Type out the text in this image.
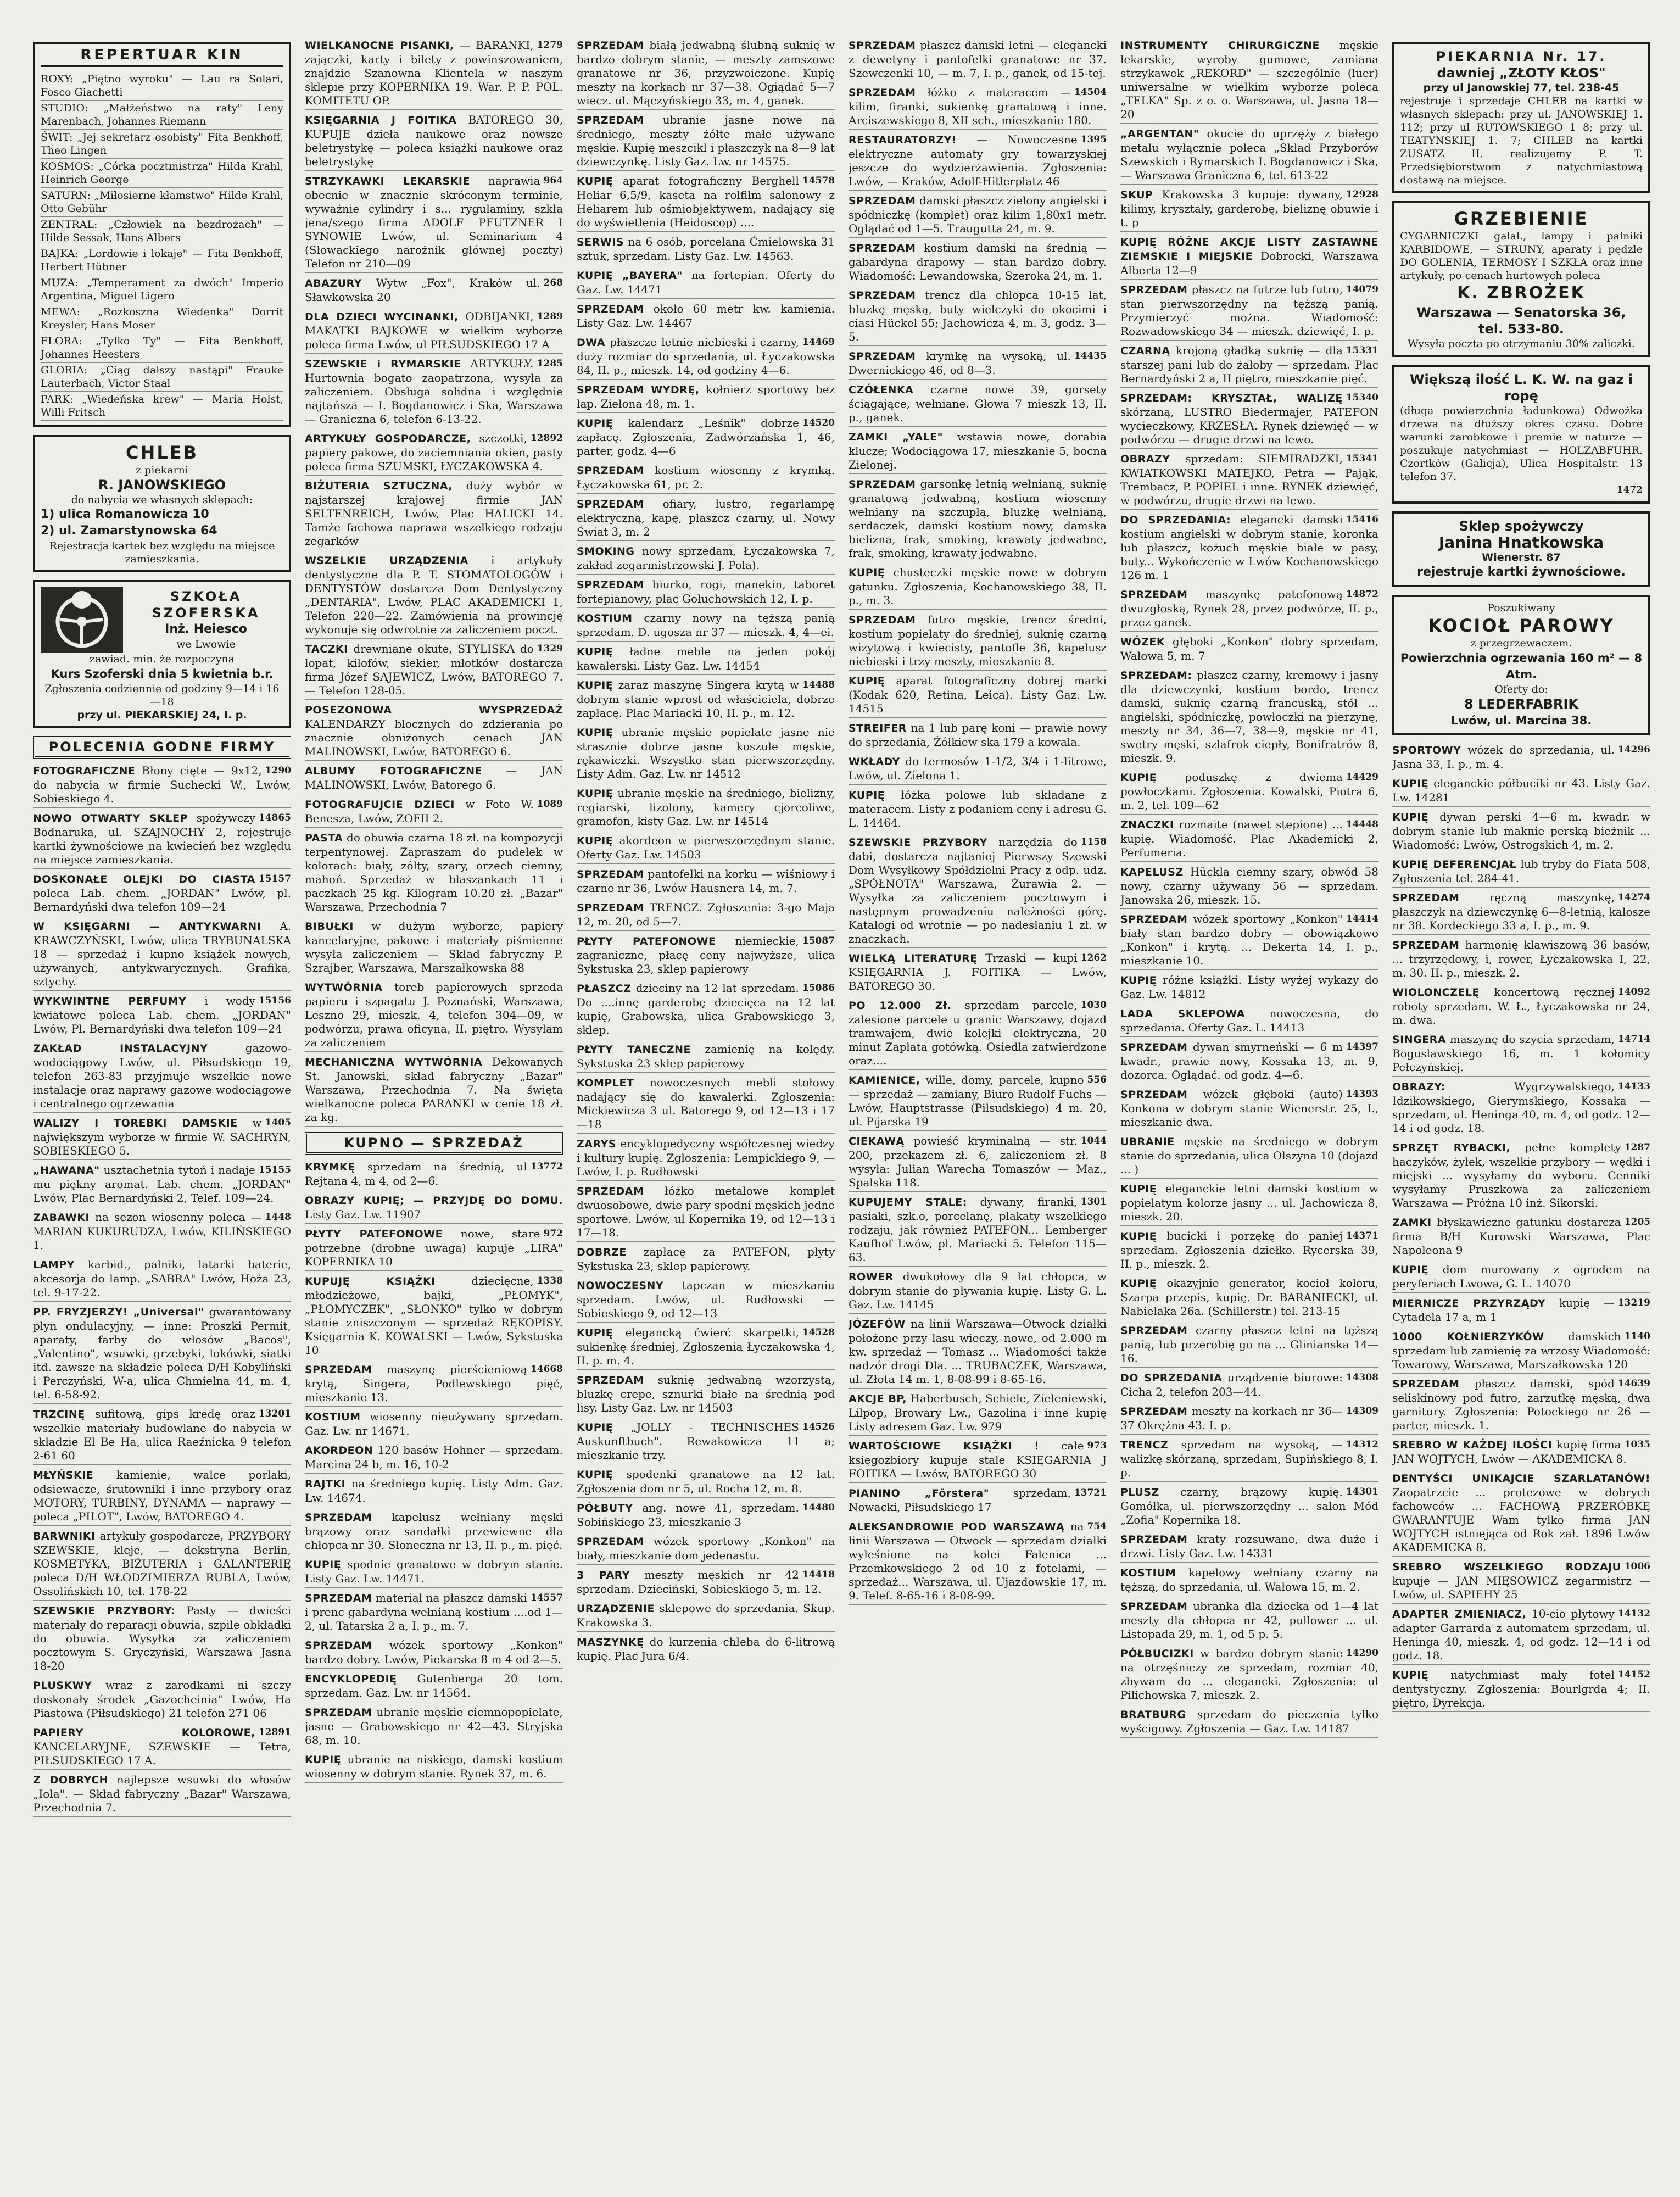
REPERTUAR KIN
ROXY: „Piętno wyroku" — Lau ra Solari, Fosco Giachetti
STUDIO: „Małżeństwo na raty" Leny Marenbach, Johannes Riemann
ŚWIT: „Jej sekretarz osobisty" Fita Benkhoff, Theo Lingen
KOSMOS: „Córka pocztmistrza" Hilda Krahl, Heinrich George
SATURN: „Miłosierne kłamstwo" Hilde Krahl, Otto Gebühr
ZENTRAL: „Człowiek na bezdrożach" — Hilde Sessak, Hans Albers
BAJKA: „Lordowie i lokaje" — Fita Benkhoff, Herbert Hübner
MUZA: „Temperament za dwóch" Imperio Argentina, Miguel Ligero
MEWA: „Rozkoszna Wiedenka" Dorrit Kreysler, Hans Moser
FLORA: „Tylko Ty" — Fita Benkhoff, Johannes Heesters
GLORIA: „Ciąg dalszy nastąpi" Frauke Lauterbach, Victor Staal
PARK: „Wiedeńska krew" — Maria Holst, Willi Fritsch
CHLEB
z piekarni
R. JANOWSKIEGO
do nabycia we własnych sklepach:
1) ulica Romanowicza 10
2) ul. Zamarstynowska 64
Rejestracja kartek bez względu na miejsce zamieszkania.
SZKOŁA SZOFERSKA
Inż. Heiesco
we Lwowie
zawiad. min. że rozpoczyna
Kurs Szoferski dnia 5 kwietnia b.r.
Zgłoszenia codziennie od godziny 9—14 i 16—18
przy ul. PIEKARSKIEJ 24, I. p.
POLECENIA GODNE FIRMY
1290
FOTOGRAFICZNE Błony cięte — 9x12, do nabycia w firmie Suchecki W., Lwów, Sobieskiego 4.
14865
NOWO OTWARTY SKLEP spożywczy Bodnaruka, ul. SZAJNOCHY 2, rejestruje kartki żywnościowe na kwiecień bez względu na miejsce zamieszkania.
15157
DOSKONAŁE OLEJKI DO CIASTA poleca Lab. chem. „JORDAN" Lwów, pl. Bernardyński dwa telefon 109—24
W KSIĘGARNI — ANTYKWARNI A. KRAWCZYŃSKI, Lwów, ulica TRYBUNALSKA 18 — sprzedaż i kupno książek nowych, używanych, antykwarycznych. Grafika, sztychy.
15156
WYKWINTNE PERFUMY i wody kwiatowe poleca Lab. chem. „JORDAN" Lwów, Pl. Bernardyński dwa telefon 109—24
ZAKŁAD INSTALACYJNY	gazowo-wodociągowy Lwów, ul. Piłsudskiego 19, telefon 263-83 przyjmuje wszelkie nowe instalacje oraz naprawy gazowe wodociągowe i centralnego ogrzewania
1405
WALIZY I TOREBKI DAMSKIE w największym wyborze w firmie W. SACHRYN, SOBIESKIEGO 5.
15155
„HAWANA" usztachetnia tytoń i nadaje mu piękny aromat. Lab. chem. „JORDAN" Lwów, Plac Bernardyński 2, Telef. 109—24.
1448
ZABAWKI na sezon wiosenny poleca — MARIAN KUKURUDZA, Lwów, KILIŃSKIEGO 1.
LAMPY karbid., palniki, latarki baterie, akcesorja do lamp. „SABRA" Lwów, Hoża 23, tel. 9-17-22.
PP. FRYZJERZY! „Universal" gwarantowany płyn ondulacyjny, — inne: Proszki Permit, aparaty, farby do włosów „Bacos", „Valentino", wsuwki, grzebyki, lokówki, siatki itd. zawsze na składzie poleca D/H Kobyliński i Perczyński, W-a, ulica Chmielna 44, m. 4, tel. 6-58-92.
13201
TRZCINĘ sufitową, gips kredę oraz wszelkie materiały budowlane do nabycia w składzie El Be Ha, ulica Raeźnicka 9 telefon 2-61 60
MŁYŃSKIE kamienie, walce porlaki, odsiewacze, śrutowniki i inne przybory oraz MOTORY, TURBINY, DYNAMA — naprawy — poleca „PILOT", Lwów, BATOREGO 4.
BARWNIKI artykuły gospodarcze, PRZYBORY SZEWSKIE, kleje, — dekstryna Berlin, KOSMETYKA, BIŻUTERIA i GALANTERIĘ poleca D/H WŁODZIMIERZA RUBLA, Lwów, Ossolińskich 10, tel. 178-22
SZEWSKIE PRZYBORY: Pasty — dwieści materiały do reparacji obuwia, szpile obkładki do obuwia. Wysyłka za zaliczeniem pocztowym S. Gryczyński, Warszawa Jasna 18-20
PLUSKWY wraz z zarodkami ni szczy doskonały środek „Gazocheinia" Lwów, Ha Piastowa (Piłsudskiego) 21 telefon 271 06
12891
PAPIERY KOLOROWE, KANCELARYJNE, SZEWSKIE — Tetra, PIŁSUDSKIEGO 17 A.
Z DOBRYCH najlepsze wsuwki do włosów „Iola". — Skład fabryczny „Bazar" Warszawa, Przechodnia 7.
1279
WIELKANOCNE PISANKI, — BARANKI, zajączki, karty i bilety z powinszowaniem, znajdzie Szanowna Klientela w naszym sklepie przy KOPERNIKA 19. War. P. P. POL. KOMITETU OP.
KSIĘGARNIA J FOITIKA BATOREGO 30, KUPUJE dzieła naukowe oraz nowsze beletrystykę — poleca książki naukowe oraz beletrystykę
964
STRZYKAWKI LEKARSKIE naprawia obecnie w znacznie skróconym terminie, wyważnie cylindry i s... rygulaminy, szkła jena/szego firma ADOLF PFUTZNER I SYNOWIE Lwów, ul. Seminarium 4 (Słowackiego narożnik głównej poczty) Telefon nr 210—09
268
ABAZURY Wytw „Fox", Kraków ul. Sławkowska 20
1289
DLA DZIECI WYCINANKI, ODBIJANKI, MAKATKI BAJKOWE w wielkim wyborze poleca firma Lwów, ul PIŁSUDSKIEGO 17 A
1285
SZEWSKIE i RYMARSKIE ARTYKUŁY. Hurtownia bogato zaopatrzona, wysyła za zaliczeniem. Obsługa solidna i względnie najtańsza — I. Bogdanowicz i Ska, Warszawa — Graniczna 6, telefon 6-13-22.
12892
ARTYKUŁY GOSPODARCZE, szczotki, papiery pakowe, do zaciemniania okien, pasty poleca firma SZUMSKI, ŁYCZAKOWSKA 4.
BIŻUTERIA SZTUCZNA, duży wybór w najstarszej krajowej firmie JAN SELTENREICH, Lwów, Plac HALICKI 14. Tamże fachowa naprawa wszelkiego rodzaju zegarków
WSZELKIE URZĄDZENIA i artykuły dentystyczne dla P. T. STOMATOLOGÓW i DENTYSTÓW dostarcza Dom Dentystyczny „DENTARIA", Lwów, PLAC AKADEMICKI 1, Telefon 220—22. Zamówienia na prowincję wykonuje się odwrotnie za zaliczeniem poczt.
1329
TACZKI drewniane okute, STYLISKA do łopat, kilofów, siekier, młotków dostarcza firma Józef SAJEWICZ, Lwów, BATOREGO 7. — Telefon 128-05.
POSEZONOWA WYSPRZEDAŻ KALENDARZY blocznych do zdzierania po znacznie obniżonych cenach JAN MALINOWSKI, Lwów, BATOREGO 6.
ALBUMY FOTOGRAFICZNE — JAN MALINOWSKI, Lwów, Batorego 6.
1089
FOTOGRAFUJCIE DZIECI w Foto W. Benesza, Lwów, ZOFII 2.
PASTA do obuwia czarna 18 zł. na kompozycji terpentynowej. Zapraszam do pudełek w kolorach: biały, zółty, szary, orzech ciemny, mahoń. Sprzedaż w blaszankach 11 i paczkach 25 kg. Kilogram 10.20 zł. „Bazar" Warszawa, Przechodnia 7
BIBUŁKI w dużym wyborze, papiery kancelaryjne, pakowe i materiały piśmienne wysyła zaliczeniem — Skład fabryczny P. Szrajber, Warszawa, Marszałkowska 88
WYTWÓRNIA toreb papierowych sprzeda papieru i szpagatu J. Poznański, Warszawa, Leszno 29, mieszk. 4, telefon 304—09, w podwórzu, prawa oficyna, II. piętro. Wysyłam za zaliczeniem
MECHANICZNA WYTWÓRNIA Dekowanych St. Janowski, skład fabryczny „Bazar" Warszawa, Przechodnia 7. Na święta wielkanocne poleca PARANKI w cenie 18 zł. za kg.
KUPNO — SPRZEDAŻ
13772
KRYMKĘ sprzedam na średnią, ul Rejtana 4, m 4, od 2—6.
OBRAZY KUPIĘ; — PRZYJDĘ DO DOMU. Listy Gaz. Lw. 11907
972
PŁYTY PATEFONOWE nowe, stare potrzebne (drobne uwaga) kupuje „LIRA" KOPERNIKA 10
1338
KUPUJĘ KSIĄŻKI	dziecięcne, młodzieżowe, bajki, „PŁOMYK", „PŁOMYCZEK", „SŁONKO" tylko w dobrym stanie zniszczonym — sprzedaż RĘKOPISY. Księgarnia K. KOWALSKI — Lwów, Sykstuska 10
14668
SPRZEDAM maszynę pierścieniową krytą, Singera, Podlewskiego pięć, mieszkanie 13.
KOSTIUM wiosenny nieużywany sprzedam. Gaz. Lw. nr 14671.
AKORDEON 120 basów Hohner — sprzedam. Marcina 24 b, m. 16, 10-2
RAJTKI na średniego kupię. Listy Adm. Gaz. Lw. 14674.
SPRZEDAM kapelusz wełniany męski brązowy oraz sandałki przewiewne dla chłopca nr 30. Słoneczna nr 13, II. p., m. pięć.
KUPIĘ spodnie granatowe w dobrym stanie. Listy Gaz. Lw. 14471.
14557
SPRZEDAM materiał na płaszcz damski i prenc gabardyna wełnianą kostium ....od 1—2, ul. Tatarska 2 a, I. p., m. 7.
SPRZEDAM wózek sportowy „Konkon" bardzo dobry. Lwów, Piekarska 8 m 4 od 2—5.
ENCYKLOPEDIĘ Gutenberga 20 tom. sprzedam. Gaz. Lw. nr 14564.
SPRZEDAM ubranie męskie ciemnopopielate, jasne — Grabowskiego nr 42—43. Stryjska 68, m. 10.
KUPIĘ ubranie na niskiego, damski kostium wiosenny w dobrym stanie. Rynek 37, m. 6.
SPRZEDAM białą jedwabną ślubną suknię w bardzo dobrym stanie, — meszty zamszowe granatowe nr 36, przyzwoiczone. Kupię meszty na korkach nr 37—38. Ogiądać 5—7 wiecz. ul. Mączyńskiego 33, m. 4, ganek.
SPRZEDAM ubranie jasne nowe na średniego, meszty żółte małe używane męskie. Kupię meszcikl i płaszczyk na 8—9 lat dziewczynkę. Listy Gaz. Lw. nr 14575.
14578
KUPIĘ aparat fotograficzny Berghell Heliar 6,5/9, kaseta na rolfilm salonowy z Heliarem lub ośmiobjektywem, nadający się do wyświetlenia (Heidoscop) ....
SERWIS na 6 osób, porcelana Ćmielowska 31 sztuk, sprzedam. Listy Gaz. Lw. 14563.
KUPIĘ „BAYERA" na fortepian. Oferty do Gaz. Lw. 14471
SPRZEDAM około 60 metr kw. kamienia. Listy Gaz. Lw. 14467
14469
DWA płaszcze letnie niebieski i czarny, duży rozmiar do sprzedania, ul. Łyczakowska 84, II. p., mieszk. 14, od godziny 4—6.
SPRZEDAM WYDRĘ, kołnierz sportowy bez łap. Zielona 48, m. 1.
14520
KUPIĘ kalendarz „Leśnik" dobrze zapłacę. Zgłoszenia, Zadwórzańska 1, 46, parter, godz. 4—6
SPRZEDAM kostium wiosenny z krymką. Łyczakowska 61, pr. 2.
SPRZEDAM ofiary, lustro, regarlampę elektryczną, kapę, płaszcz czarny, ul. Nowy Świat 3, m. 2
SMOKING nowy sprzedam, Łyczakowska 7, zakład zegarmistrzowski J. Pola).
SPRZEDAM biurko, rogi, manekin, taboret fortepianowy, plac Gołuchowskich 12, I. p.
KOSTIUM czarny nowy na tęższą panią sprzedam. D. ugosza nr 37 — mieszk. 4, 4—ei.
KUPIĘ ładne meble na jeden pokój kawalerski. Listy Gaz. Lw. 14454
14488
KUPIĘ zaraz maszynę Singera krytą w dobrym stanie wprost od właściciela, dobrze zapłacę. Plac Mariacki 10, II. p., m. 12.
KUPIĘ ubranie męskie popielate jasne nie strasznie dobrze jasne koszule męskie, rękawiczki. Wszystko stan pierwszorzędny. Listy Adm. Gaz. Lw. nr 14512
KUPIĘ ubranie męskie na średniego, bielizny, regiarski, lizolony, kamery cjorcoliwe, gramofon, kisty Gaz. Lw. nr 14514
KUPIĘ akordeon w pierwszorzędnym stanie. Oferty Gaz. Lw. 14503
SPRZEDAM pantofelki na korku — wiśniowy i czarne nr 36, Lwów Hausnera 14, m. 7.
SPRZEDAM TRENCZ. Zgłoszenia: 3-go Maja 12, m. 20, od 5—7.
15087
PŁYTY PATEFONOWE niemieckie, zagraniczne, płacę ceny najwyższe, ulica Sykstuska 23, sklep papierowy
15086
PŁASZCZ dzieciny na 12 lat sprzedam. Do ....innę garderobę dziecięca na 12 lat kupię, Grabowska, ulica Grabowskiego 3, sklep.
PŁYTY TANECZNE zamienię na kolędy. Sykstuska 23 sklep papierowy
KOMPLET nowoczesnych mebli stołowy nadający się do kawalerki. Zgłoszenia: Mickiewicza 3 ul. Batorego 9, od 12—13 i 17—18
ZARYS encyklopedyczny współczesnej wiedzy i kultury kupię. Zgłoszenia: Lempickiego 9, — Lwów, I. p. Rudłowski
SPRZEDAM łóżko metalowe komplet dwuosobowe, dwie pary spodni męskich jedne sportowe. Lwów, ul Kopernika 19, od 12—13 i 17—18.
DOBRZE zapłacę za PATEFON, płyty Sykstuska 23, sklep papierowy.
NOWOCZESNY tapczan w mieszkaniu sprzedam. Lwów, ul. Rudłowski — Sobieskiego 9, od 12—13
14528
KUPIĘ elegancką ćwierć skarpetki, sukienkę średniej, Zgłoszenia Łyczakowska 4, II. p. m. 4.
SPRZEDAM suknię jedwabną wzorzystą, bluzkę crepe, sznurki białe na średnią pod lisy. Listy Gaz. Lw. nr 14503
14526
KUPIĘ „JOLLY - TECHNISCHES Auskunftbuch". Rewakowicza 11 a; mieszkanie trzy.
KUPIĘ spodenki granatowe na 12 lat. Zgłoszenia dom nr 5, ul. Rocha 12, m. 8.
14480
PÓŁBUTY ang. nowe 41, sprzedam. Sobińskiego 23, mieszkanie 3
SPRZEDAM wózek sportowy „Konkon" na biały, mieszkanie dom jedenastu.
14418
3 PARY meszty męskich nr 42 sprzedam. Dzieciński, Sobieskiego 5, m. 12.
URZĄDZENIE sklepowe do sprzedania. Skup. Krakowska 3.
MASZYNKĘ do kurzenia chleba do 6-litrową kupię. Plac Jura 6/4.
SPRZEDAM płaszcz damski letni — elegancki z dewetyny i pantofelki granatowe nr 37. Szewczenki 10, — m. 7, I. p., ganek, od 15-tej.
14504
SPRZEDAM łóżko z materacem — kilim, firanki, sukienkę granatową i inne. Arciszewskiego 8, XII sch., mieszkanie 180.
1395
RESTAURATORZY! — Nowoczesne elektryczne automaty gry towarzyskiej jeszcze do wydzierżawienia. Zgłoszenia: Lwów, — Kraków, Adolf-Hitlerplatz 46
SPRZEDAM damski płaszcz zielony angielski i spódniczkę (komplet) oraz kilim 1,80x1 metr. Oglądać od 1—5. Traugutta 24, m. 9.
SPRZEDAM kostium damski na średnią — gabardyna drapowy — stan bardzo dobry. Wiadomość: Lewandowska, Szeroka 24, m. 1.
SPRZEDAM trencz dla chłopca 10-15 lat, bluzkę męską, buty wielczyki do okocimi i ciasi Hückel 55; Jachowicza 4, m. 3, godz. 3—5.
14435
SPRZEDAM krymkę na wysoką, ul. Dwernickiego 46, od 8—3.
CZÓŁENKA czarne nowe 39, gorsety ściągające, wełniane. Głowa 7 mieszk 13, II. p., ganek.
ZAMKI „YALE" wstawia nowe, dorabia klucze; Wodociągowa 17, mieszkanie 5, bocna Zielonej.
SPRZEDAM garsonkę letnią wełnianą, suknię granatową jedwabną, kostium wiosenny wełniany na szczupłą, bluzkę wełnianą, serdaczek, damski kostium nowy, damska bielizna, frak, smoking, krawaty jedwabne, frak, smoking, krawaty jedwabne.
KUPIĘ chusteczki męskie nowe w dobrym gatunku. Zgłoszenia, Kochanowskiego 38, II. p., m. 3.
SPRZEDAM futro męskie, trencz średni, kostium popielaty do średniej, suknię czarną wizytową i kwiecisty, pantofle 36, kapelusz niebieski i trzy meszty, mieszkanie 8.
KUPIĘ aparat fotograficzny dobrej marki (Kodak 620, Retina, Leica). Listy Gaz. Lw. 14515
STREIFER na 1 lub parę koni — prawie nowy do sprzedania, Żółkiew ska 179 a kowala.
WKŁADY do termosów 1-1/2, 3/4 i 1-litrowe, Lwów, ul. Zielona 1.
KUPIĘ łóżka polowe lub składane z materacem. Listy z podaniem ceny i adresu G. L. 14464.
1158
SZEWSKIE PRZYBORY narzędzia do dabi, dostarcza najtaniej Pierwszy Szewski Dom Wysyłkowy Spółdzielni Pracy z odp. udz. „SPÓŁNOTA" Warszawa, Żurawia 2. — Wysyłka za zaliczeniem pocztowym i następnym prowadzeniu należności górę. Katalogi od wrotnie — po nadesłaniu 1 zł. w znaczkach.
1262
WIELKĄ LITERATURĘ Trzaski — kupi KSIĘGARNIA J. FOITIKA — Lwów, BATOREGO 30.
1030
PO 12.000 Zł. sprzedam parcele, zalesione parcele u granic Warszawy, dojazd tramwajem, dwie kolejki elektryczna, 20 minut Zapłata gotówką. Osiedla zatwierdzone oraz....
556
KAMIENICE, wille, domy, parcele, kupno — sprzedaż — zamiany, Biuro Rudolf Fuchs — Lwów, Hauptstrasse (Piłsudskiego) 4 m. 20, ul. Pijarska 19
1044
CIEKAWĄ powieść kryminalną — str. 200, przekazem zł. 6, zaliczeniem zł. 8 wysyła: Julian Warecha Tomaszów — Maz., Spalska 118.
1301
KUPUJEMY STALE: dywany, firanki, pasiaki, szk.o, porcelanę, plakaty wszelkiego rodzaju, jak również PATEFON... Lemberger Kaufhof Lwów, pl. Mariacki 5. Telefon 115—63.
ROWER dwukołowy dla 9 lat chłopca, w dobrym stanie do pływania kupię. Listy G. L. Gaz. Lw. 14145
JÓZEFÓW na linii Warszawa—Otwock działki położone przy lasu wieczy, nowe, od 2.000 m kw. sprzedaż — Tomasz ... Wiadomości także nadzór drogi Dla. ... TRUBACZEK, Warszawa, ul. Złota 14 m. 1, 8-08-99 i 8-65-16.
AKCJE BP, Haberbusch, Schiele, Zieleniewski, Lilpop, Browary Lw., Gazolina i inne kupię Listy adresem Gaz. Lw. 979
973
WARTOŚCIOWE KSIĄŻKI ! całe księgozbiory kupuje stale KSIĘGARNIA J FOITIKA — Lwów, BATOREGO 30
13721
PIANINO „Förstera" sprzedam. Nowacki, Piłsudskiego 17
754
ALEKSANDROWIE POD WARSZAWĄ na linii Warszawa — Otwock — sprzedam działki wyleśnione na kolei Falenica ... Przemkowskiego 2 od 10 z fotelami, — sprzedaż... Warszawa, ul. Ujazdowskie 17, m. 9. Telef. 8-65-16 i 8-08-99.
INSTRUMENTY CHIRURGICZNE męskie lekarskie, wyroby gumowe, zamiana strzykawek „REKORD" — szczególnie (luer) uniwersalne w wielkim wyborze poleca „TELKA" Sp. z o. o. Warszawa, ul. Jasna 18—20
„ARGENTAN" okucie do uprzęży z białego metalu wyłącznie poleca „Skład Przyborów Szewskich i Rymarskich I. Bogdanowicz i Ska, — Warszawa Graniczna 6, tel. 613-22
12928
SKUP Krakowska 3 kupuje: dywany, kilimy, kryształy, garderobę, bieliznę obuwie i t. p
KUPIĘ RÓŻNE AKCJE LISTY ZASTAWNE ZIEMSKIE I MIEJSKIE Dobrocki, Warszawa Alberta 12—9
14079
SPRZEDAM płaszcz na futrze lub futro, stan pierwszorzędny na tęższą panią. Przymierzyć można. Wiadomość: Rozwadowskiego 34 — mieszk. dziewięć, I. p.
15331
CZARNĄ krojoną gładką suknię — dla starszej pani lub do żałoby — sprzedam. Plac Bernardyński 2 a, II piętro, mieszkanie pięć.
15340
SPRZEDAM: KRYSZTAŁ, WALIZĘ skórzaną, LUSTRO Biedermajer, PATEFON wycieczkowy, KRZESŁA. Rynek dziewięć — w podwórzu — drugie drzwi na lewo.
15341
OBRAZY sprzedam: SIEMIRADZKI, KWIATKOWSKI MATEJKO, Petra — Pająk, Trembacz, P. POPIEL i inne. RYNEK dziewięć, w podwórzu, drugie drzwi na lewo.
15416
DO SPRZEDANIA: elegancki damski kostium angielski w dobrym stanie, koronka lub płaszcz, kożuch męskie białe w pasy, buty... Wykończenie w Lwów Kochanowskiego 126 m. 1
14872
SPRZEDAM maszynkę patefonową dwuzgłoską, Rynek 28, przez podwórze, II. p., przez ganek.
WÓZEK głęboki „Konkon" dobry sprzedam, Wałowa 5, m. 7
SPRZEDAM: płaszcz czarny, kremowy i jasny dla dziewczynki, kostium bordo, trencz damski, suknię czarną francuską, stół ... angielski, spódniczkę, powłoczki na pierzynę, meszty nr 34, 36—7, 38—9, męskie nr 41, swetry męski, szlafrok ciepły, Bonifratrów 8, mieszk. 9.
14429
KUPIĘ	poduszkę z dwiema powłoczkami. Zgłoszenia. Kowalski, Piotra 6, m. 2, tel. 109—62
14448
ZNACZKI rozmaite (nawet stepione) ... kupię. Wiadomość. Plac Akademicki 2, Perfumeria.
KAPELUSZ Hückla ciemny szary, obwód 58 nowy, czarny używany 56 — sprzedam. Janowska 26, mieszk. 15.
14414
SPRZEDAM wózek sportowy „Konkon" biały stan bardzo dobry — obowiązkowo „Konkon" i krytą. ... Dekerta 14, I. p., mieszkanie 10.
KUPIĘ różne książki. Listy wyżej wykazy do Gaz. Lw. 14812
LADA SKLEPOWA nowoczesna, do sprzedania. Oferty Gaz. L. 14413
14397
SPRZEDAM dywan smyrneński — 6 m kwadr., prawie nowy, Kossaka 13, m. 9, dozorca. Oglądać. od godz. 4—6.
14393
SPRZEDAM wózek głęboki (auto) Konkona w dobrym stanie Wienerstr. 25, I., mieszkanie dwa.
UBRANIE męskie na średniego w dobrym stanie do sprzedania, ulica Olszyna 10 (dojazd ... )
KUPIĘ eleganckie letni damski kostium w popielatym kolorze jasny ... ul. Jachowicza 8, mieszk. 20.
14371
KUPIĘ bucicki i porzękę do paniej sprzedam. Zgłoszenia dziełko. Rycerska 39, II. p., mieszk. 2.
KUPIĘ okazyjnie generator, kocioł koloru, Szarpa przepis, kupię. Dr. BARANIECKI, ul. Nabielaka 26a. (Schillerstr.) tel. 213-15
SPRZEDAM czarny płaszcz letni na tęższą panią, lub przerobię go na ... Glinianska 14—16.
14308
DO SPRZEDANIA urządzenie biurowe: Cicha 2, telefon 203—44.
14309
SPRZEDAM meszty na korkach nr 36—37 Okrężna 43. I. p.
14312
TRENCZ sprzedam na wysoką, — walizkę skórzaną, sprzedam, Supińskiego 8, I. p.
14301
PLUSZ czarny, brązowy kupię. Gomółka, ul. pierwszorzędny ... salon Mód „Zofia" Kopernika 18.
SPRZEDAM kraty rozsuwane, dwa duże i drzwi. Listy Gaz. Lw. 14331
KOSTIUM kapelowy wełniany czarny na tęższą, do sprzedania, ul. Wałowa 15, m. 2.
SPRZEDAM ubranka dla dziecka od 1—4 lat meszty dla chłopca nr 42, pullower ... ul. Listopada 29, m. 1, od 5 p. 5.
14290
PÓŁBUCIZKI w bardzo dobrym stanie na otrzęśniczy ze sprzedam, rozmiar 40, zbywam do ... elegancki. Zgłoszenia: ul Pilichowska 7, mieszk. 2.
BRATBURG sprzedam do pieczenia tylko wyścigowy. Zgłoszenia — Gaz. Lw. 14187
PIEKARNIA Nr. 17.
dawniej „ZŁOTY KŁOS"
przy ul Janowskiej 77, tel. 238-45
rejestruje i sprzedaje CHLEB na kartki w własnych sklepach: przy ul. JANOWSKIEJ 1. 112; przy ul RUTOWSKIEGO 1 8; przy ul. TEATYNSKIEJ 1. 7; CHLEB na kartki ZUSATZ II. realizujemy P. T. Przedsiębiorstwom z natychmiastową dostawą na miejsce.
GRZEBIENIE
CYGARNICZKI galal., lampy i palniki KARBIDOWE, — STRUNY, aparaty i pędzle DO GOLENIA, TERMOSY I SZKŁA oraz inne artykuły, po cenach hurtowych poleca
K. ZBROŻEK
Warszawa — Senatorska 36,
tel. 533-80.
Wysyła poczta po otrzymaniu 30% zaliczki.
Większą ilość L. K. W. na gaz i ropę
(długa powierzchnia ładunkowa) Odwożka drzewa na dłuższy okres czasu. Dobre warunki zarobkowe i premie w naturze — poszukuje natychmiast — HOLZABFUHR. Czortków (Galicja), Ulica Hospitalstr. 13 telefon 37.
1472
Sklep spożywczy
Janina Hnatkowska
Wienerstr. 87
rejestruje kartki żywnościowe.
Poszukiwany
KOCIOŁ PAROWY
z przegrzewaczem.
Powierzchnia ogrzewania 160 m² — 8 Atm.
Oferty do:
8 LEDERFABRIK
Lwów, ul. Marcina 38.
14296
SPORTOWY wózek do sprzedania, ul. Jasna 33, I. p., m. 4.
KUPIĘ eleganckie półbuciki nr 43. Listy Gaz. Lw. 14281
KUPIĘ dywan perski 4—6 m. kwadr. w dobrym stanie lub maknie perską bieżnik ... Wiadomość: Lwów, Ostrogskich 4, m. 2.
KUPIĘ DEFERENCJAŁ lub tryby do Fiata 508, Zgłoszenia tel. 284-41.
14274
SPRZEDAM	ręczną maszynkę, płaszczyk na dziewczynkę 6—8-letnią, kalosze nr 38. Kordeckiego 33 a, I. p., m. 9.
SPRZEDAM harmonię klawiszową 36 basów, ... trzyrzędowy, i, rower, Łyczakowska I, 22, m. 30. II. p., mieszk. 2.
14092
WIOLONCZELĘ koncertową ręcznej roboty sprzedam. W. Ł., Łyczakowska nr 24, m. dwa.
14714
SINGERA maszynę do szycia sprzedam, Boguslawskiego 16, m. 1 kołomicy Pełczyńskiej.
14133
OBRAZY:	Wygrzywalskiego, Idzikowskiego, Gierymskiego, Kossaka — sprzedam, ul. Heninga 40, m. 4, od godz. 12—14 i od godz. 18.
1287
SPRZĘT RYBACKI, pełne komplety haczyków, żyłek, wszelkie przybory — wędki i miejski ... wysyłamy do wyboru. Cenniki wysyłamy Pruszkowa za zaliczeniem Warszawa — Próżna 10 inż. Sikorski.
1205
ZAMKI błyskawiczne gatunku dostarcza firma B/H Kurowski Warszawa, Plac Napoleona 9
KUPIĘ dom murowany z ogrodem na peryferiach Lwowa, G. L. 14070
13219
MIERNICZE PRZYRZĄDY kupię — Cytadela 17 a, m 1
1140
1000 KOŁNIERZYKÓW damskich sprzedam lub zamienię za wrzosy Wiadomość: Towarowy, Warszawa, Marszałkowska 120
14639
SPRZEDAM płaszcz damski, spód seliskinowy pod futro, zarzutkę męską, dwa garnitury. Zgłoszenia: Potockiego nr 26 — parter, mieszk. 1.
1035
SREBRO W KAŻDEJ ILOŚCI kupię firma JAN WOJTYCH, Lwów — AKADEMICKA 8.
DENTYŚCI UNIKAJCIE SZARLATANÓW! Zaopatrzcie ... protezowe w dobrych fachowców ... FACHOWĄ PRZERÓBKĘ GWARANTUJE Wam tylko firma JAN WOJTYCH istniejąca od Rok zał. 1896 Lwów AKADEMICKA 8.
1006
SREBRO WSZELKIEGO RODZAJU kupuje — JAN MIĘSOWICZ zegarmistrz — Lwów, ul. SAPIEHY 25
14132
ADAPTER ZMIENIACZ, 10-cio płytowy adapter Garrarda z automatem sprzedam, ul. Heninga 40, mieszk. 4, od godz. 12—14 i od godz. 18.
14152
KUPIĘ natychmiast mały fotel dentystyczny. Zgłoszenia: Bourlgrda 4; II. piętro, Dyrekcja.
